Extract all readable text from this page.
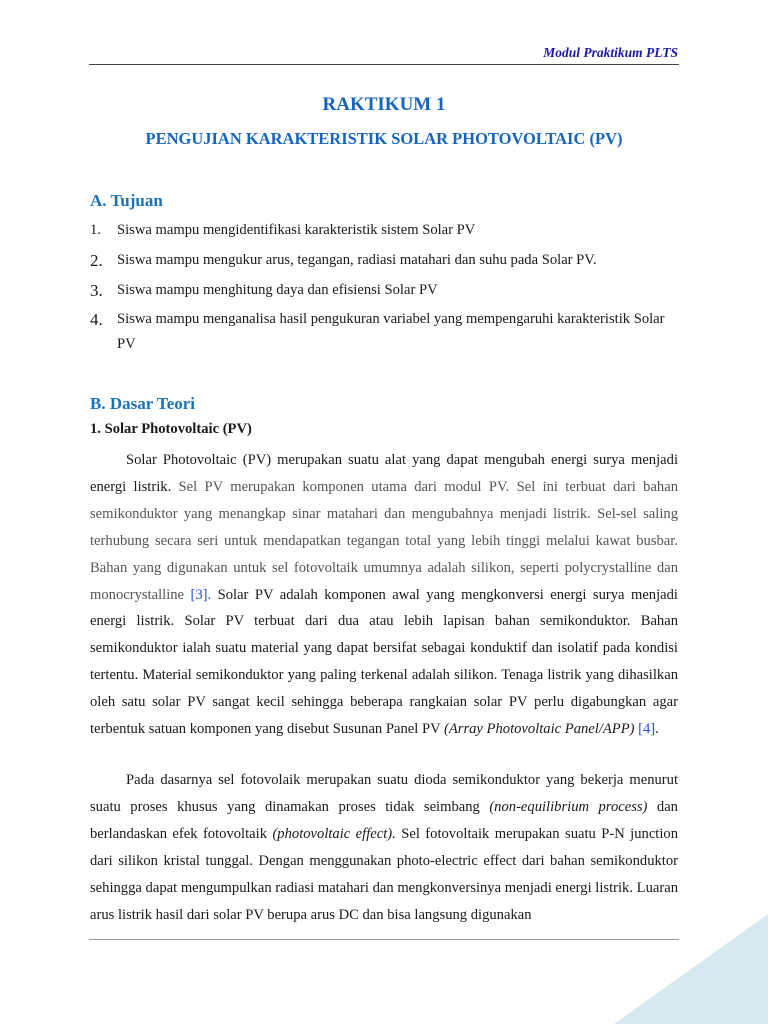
Modul Praktikum PLTS
RAKTIKUM 1
PENGUJIAN KARAKTERISTIK SOLAR PHOTOVOLTAIC (PV)
A. Tujuan
1. Siswa mampu mengidentifikasi karakteristik sistem Solar PV
2. Siswa mampu mengukur arus, tegangan, radiasi matahari dan suhu pada Solar PV.
3. Siswa mampu menghitung daya dan efisiensi Solar PV
4. Siswa mampu menganalisa hasil pengukuran variabel yang mempengaruhi karakteristik Solar PV
B. Dasar Teori
1. Solar Photovoltaic (PV)
Solar Photovoltaic (PV) merupakan suatu alat yang dapat mengubah energi surya menjadi energi listrik. Sel PV merupakan komponen utama dari modul PV. Sel ini terbuat dari bahan semikonduktor yang menangkap sinar matahari dan mengubahnya menjadi listrik. Sel-sel saling terhubung secara seri untuk mendapatkan tegangan total yang lebih tinggi melalui kawat busbar. Bahan yang digunakan untuk sel fotovoltaik umumnya adalah silikon, seperti polycrystalline dan monocrystalline [3]. Solar PV adalah komponen awal yang mengkonversi energi surya menjadi energi listrik. Solar PV terbuat dari dua atau lebih lapisan bahan semikonduktor. Bahan semikonduktor ialah suatu material yang dapat bersifat sebagai konduktif dan isolatif pada kondisi tertentu. Material semikonduktor yang paling terkenal adalah silikon. Tenaga listrik yang dihasilkan oleh satu solar PV sangat kecil sehingga beberapa rangkaian solar PV perlu digabungkan agar terbentuk satuan komponen yang disebut Susunan Panel PV (Array Photovoltaic Panel/APP) [4].
Pada dasarnya sel fotovolaik merupakan suatu dioda semikonduktor yang bekerja menurut suatu proses khusus yang dinamakan proses tidak seimbang (non-equilibrium process) dan berlandaskan efek fotovoltaik (photovoltaic effect). Sel fotovoltaik merupakan suatu P-N junction dari silikon kristal tunggal. Dengan menggunakan photo-electric effect dari bahan semikonduktor sehingga dapat mengumpulkan radiasi matahari dan mengkonversinya menjadi energi listrik. Luaran arus listrik hasil dari solar PV berupa arus DC dan bisa langsung digunakan
